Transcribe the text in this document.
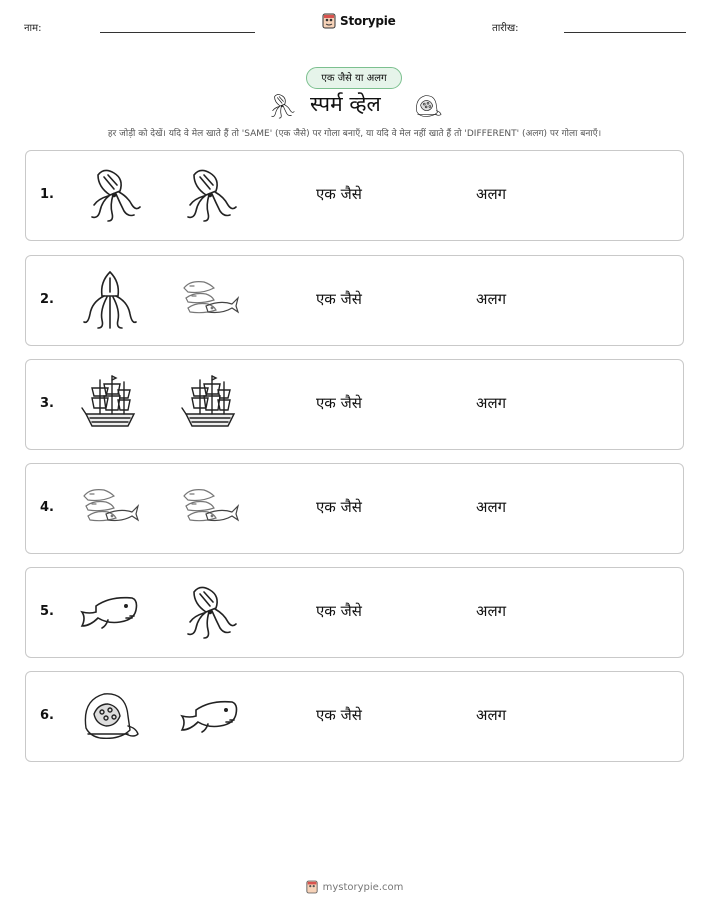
नाम:
Storypie
तारीख:
एक जैसे या अलग
स्पर्म व्हेल
हर जोड़ी को देखें। यदि वे मेल खाते हैं तो 'SAME' (एक जैसे) पर गोला बनाएँ, या यदि वे मेल नहीं खाते हैं तो 'DIFFERENT' (अलग) पर गोला बनाएँ।
1.	एक जैसे	अलग
2.	एक जैसे	अलग
3.	एक जैसे	अलग
4.	एक जैसे	अलग
5.	एक जैसे	अलग
6.	एक जैसे	अलग
mystorypie.com
